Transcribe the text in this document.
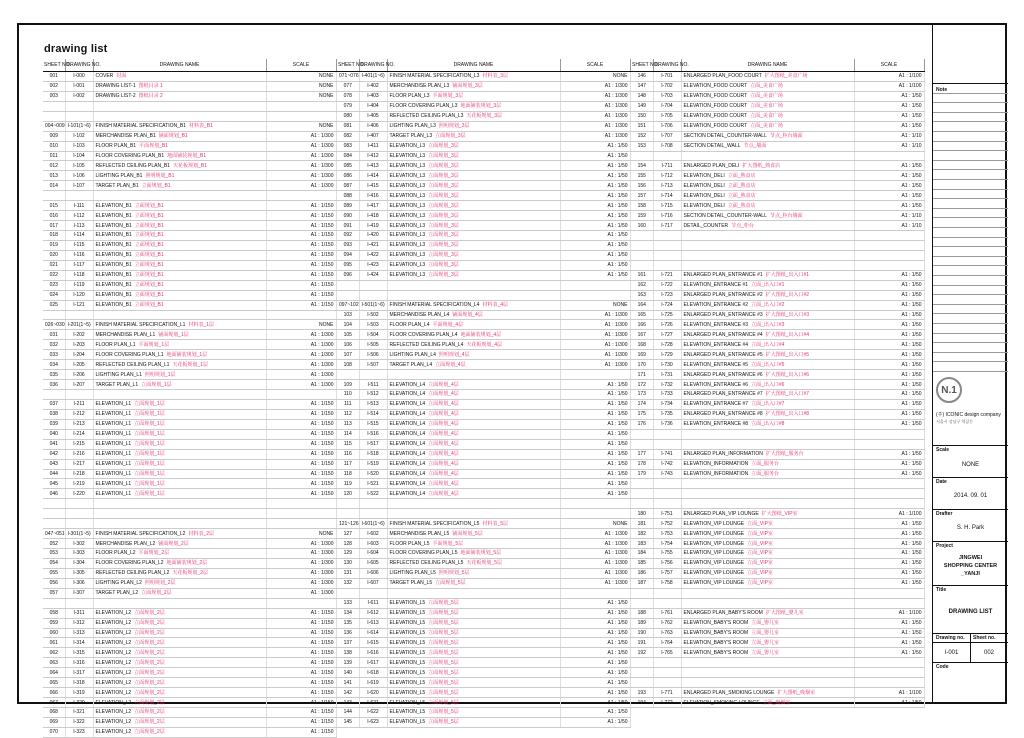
drawing list
SHEET NO.	DRAWING NO.	DRAWING NAME	SCALE
001	I-000	COVER 封面	NONE
002	I-001	DRAWING LIST-1 图纸目录 1	NONE
003	I-002	DRAWING LIST-2 图纸目录 2	NONE

004~009	I-101(1~6)	FINISH MATERIAL SPECIFICATION_B1 材料表_B1	NONE
009	I-102	MERCHANDISE PLAN_B1 铺面规划_B1	A1 : 1/300
010	I-103	FLOOR PLAN_B1 平面规划_B1	A1 : 1/300
011	I-104	FLOOR COVERING PLAN_B1 地面铺装规划_B1	A1 : 1/300
012	I-105	REFLECTED CEILING PLAN_B1 天花板规划_B1	A1 : 1/300
013	I-106	LIGHTING PLAN_B1 照明规划_B1	A1 : 1/300
014	I-107	TARGET PLAN_B1 立面规划_B1	A1 : 1/300

015	I-111	ELEVATION_B1 立面规划_B1	A1 : 1/150
016	I-112	ELEVATION_B1 立面规划_B1	A1 : 1/150
017	I-113	ELEVATION_B1 立面规划_B1	A1 : 1/150
018	I-114	ELEVATION_B1 立面规划_B1	A1 : 1/150
019	I-115	ELEVATION_B1 立面规划_B1	A1 : 1/150
020	I-116	ELEVATION_B1 立面规划_B1	A1 : 1/150
021	I-117	ELEVATION_B1 立面规划_B1	A1 : 1/150
022	I-118	ELEVATION_B1 立面规划_B1	A1 : 1/150
023	I-119	ELEVATION_B1 立面规划_B1	A1 : 1/150
024	I-120	ELEVATION_B1 立面规划_B1	A1 : 1/150
025	I-121	ELEVATION_B1 立面规划_B1	A1 : 1/150

026~030	I-201(1~5)	FINISH MATERIAL SPECIFICATION_L1 材料表_1层	NONE
031	I-202	MERCHANDISE PLAN_L1 铺面规划_1层	A1 : 1/300
032	I-203	FLOOR PLAN_L1 平面规划_1层	A1 : 1/300
033	I-204	FLOOR COVERING PLAN_L1 地面铺装规划_1层	A1 : 1/300
034	I-205	REFLECTED CEILING PLAN_L1 天花板规划_1层	A1 : 1/300
035	I-206	LIGHTING PLAN_L1 照明规划_1层	A1 : 1/300
036	I-207	TARGET PLAN_L1 立面规划_1层	A1 : 1/300

037	I-211	ELEVATION_L1 立面规划_1层	A1 : 1/150
038	I-212	ELEVATION_L1 立面规划_1层	A1 : 1/150
039	I-213	ELEVATION_L1 立面规划_1层	A1 : 1/150
040	I-214	ELEVATION_L1 立面规划_1层	A1 : 1/150
041	I-215	ELEVATION_L1 立面规划_1层	A1 : 1/150
042	I-216	ELEVATION_L1 立面规划_1层	A1 : 1/150
043	I-217	ELEVATION_L1 立面规划_1层	A1 : 1/150
044	I-218	ELEVATION_L1 立面规划_1层	A1 : 1/150
045	I-219	ELEVATION_L1 立面规划_1层	A1 : 1/150
046	I-220	ELEVATION_L1 立面规划_1层	A1 : 1/150

047~051	I-301(1~5)	FINISH MATERIAL SPECIFICATION_L2 材料表_2层	NONE
052	I-302	MERCHANDISE PLAN_L2 铺面规划_2层	A1 : 1/300
053	I-303	FLOOR PLAN_L2 平面规划_2层	A1 : 1/300
054	I-304	FLOOR COVERING PLAN_L2 地面铺装规划_2层	A1 : 1/300
055	I-305	REFLECTED CEILING PLAN_L2 天花板规划_2层	A1 : 1/300
056	I-306	LIGHTING PLAN_L2 照明规划_2层	A1 : 1/300
057	I-307	TARGET PLAN_L2 立面规划_2层	A1 : 1/300

058	I-311	ELEVATION_L2 立面规划_2层	A1 : 1/150
059	I-312	ELEVATION_L2 立面规划_2层	A1 : 1/150
060	I-313	ELEVATION_L2 立面规划_2层	A1 : 1/150
061	I-314	ELEVATION_L2 立面规划_2层	A1 : 1/150
062	I-315	ELEVATION_L2 立面规划_2层	A1 : 1/150
063	I-316	ELEVATION_L2 立面规划_2层	A1 : 1/150
064	I-317	ELEVATION_L2 立面规划_2层	A1 : 1/150
065	I-318	ELEVATION_L2 立面规划_2层	A1 : 1/150
066	I-319	ELEVATION_L2 立面规划_2层	A1 : 1/150
067	I-320	ELEVATION_L2 立面规划_2层	A1 : 1/150
068	I-321	ELEVATION_L2 立面规划_2层	A1 : 1/150
069	I-322	ELEVATION_L2 立面规划_2层	A1 : 1/150
070	I-323	ELEVATION_L2 立面规划_2层	A1 : 1/150
SHEET NO.	DRAWING NO.	DRAWING NAME	SCALE
071~076	I-401(1~6)	FINISH MATERIAL SPECIFICATION_L3 材料表_3层	NONE
077	I-402	MERCHANDISE PLAN_L3 铺面规划_3层	A1 : 1/300
078	I-403	FLOOR PLAN_L3 平面规划_3层	A1 : 1/300
079	I-404	FLOOR COVERING PLAN_L3 地面铺装规划_3层	A1 : 1/300
080	I-405	REFLECTED CEILING PLAN_L3 天花板规划_3层	A1 : 1/300
081	I-406	LIGHTING PLAN_L3 照明规划_3层	A1 : 1/300
082	I-407	TARGET PLAN_L3 立面规划_3层	A1 : 1/300
083	I-411	ELEVATION_L3 立面规划_3层	A1 : 1/50
084	I-412	ELEVATION_L3 立面规划_3层	A1 : 1/50
085	I-413	ELEVATION_L3 立面规划_3层	A1 : 1/50
086	I-414	ELEVATION_L3 立面规划_3层	A1 : 1/50
087	I-415	ELEVATION_L3 立面规划_3层	A1 : 1/50
088	I-416	ELEVATION_L3 立面规划_3层	A1 : 1/50
089	I-417	ELEVATION_L3 立面规划_3层	A1 : 1/50
090	I-418	ELEVATION_L3 立面规划_3层	A1 : 1/50
091	I-419	ELEVATION_L3 立面规划_3层	A1 : 1/50
092	I-420	ELEVATION_L3 立面规划_3层	A1 : 1/50
093	I-421	ELEVATION_L3 立面规划_3层	A1 : 1/50
094	I-422	ELEVATION_L3 立面规划_3层	A1 : 1/50
095	I-423	ELEVATION_L3 立面规划_3层	A1 : 1/50
096	I-424	ELEVATION_L3 立面规划_3层	A1 : 1/50

097~102	I-501(1~6)	FINISH MATERIAL SPECIFICATION_L4 材料表_4层	NONE
103	I-502	MERCHANDISE PLAN_L4 铺面规划_4层	A1 : 1/300
104	I-503	FLOOR PLAN_L4 平面规划_4层	A1 : 1/300
105	I-504	FLOOR COVERING PLAN_L4 地面铺装规划_4层	A1 : 1/300
106	I-505	REFLECTED CEILING PLAN_L4 天花板规划_4层	A1 : 1/300
107	I-506	LIGHTING PLAN_L4 照明规划_4层	A1 : 1/300
108	I-507	TARGET PLAN_L4 立面规划_4层	A1 : 1/300

109	I-511	ELEVATION_L4 立面规划_4层	A1 : 1/50
110	I-512	ELEVATION_L4 立面规划_4层	A1 : 1/50
111	I-513	ELEVATION_L4 立面规划_4层	A1 : 1/50
112	I-514	ELEVATION_L4 立面规划_4层	A1 : 1/50
113	I-515	ELEVATION_L4 立面规划_4层	A1 : 1/50
114	I-516	ELEVATION_L4 立面规划_4层	A1 : 1/50
115	I-517	ELEVATION_L4 立面规划_4层	A1 : 1/50
116	I-518	ELEVATION_L4 立面规划_4层	A1 : 1/50
117	I-519	ELEVATION_L4 立面规划_4层	A1 : 1/50
118	I-520	ELEVATION_L4 立面规划_4层	A1 : 1/50
119	I-521	ELEVATION_L4 立面规划_4层	A1 : 1/50
120	I-522	ELEVATION_L4 立面规划_4层	A1 : 1/50

121~126	I-601(1~6)	FINISH MATERIAL SPECIFICATION_L5 材料表_5层	NONE
127	I-602	MERCHANDISE PLAN_L5 铺面规划_5层	A1 : 1/300
128	I-603	FLOOR PLAN_L5 平面规划_5层	A1 : 1/300
129	I-604	FLOOR COVERING PLAN_L5 地面铺装规划_5层	A1 : 1/300
130	I-605	REFLECTED CEILING PLAN_L5 天花板规划_5层	A1 : 1/300
131	I-606	LIGHTING PLAN_L5 照明规划_5层	A1 : 1/300
132	I-607	TARGET PLAN_L5 立面规划_5层	A1 : 1/300

133	I-611	ELEVATION_L5 立面规划_5层	A1 : 1/50
134	I-612	ELEVATION_L5 立面规划_5层	A1 : 1/50
135	I-613	ELEVATION_L5 立面规划_5层	A1 : 1/50
136	I-614	ELEVATION_L5 立面规划_5层	A1 : 1/50
137	I-615	ELEVATION_L5 立面规划_5层	A1 : 1/50
138	I-616	ELEVATION_L5 立面规划_5层	A1 : 1/50
139	I-617	ELEVATION_L5 立面规划_5层	A1 : 1/50
140	I-618	ELEVATION_L5 立面规划_5层	A1 : 1/50
141	I-619	ELEVATION_L5 立面规划_5层	A1 : 1/50
142	I-620	ELEVATION_L5 立面规划_5层	A1 : 1/50
143	I-621	ELEVATION_L5 立面规划_5层	A1 : 1/50
144	I-622	ELEVATION_L5 立面规划_5层	A1 : 1/50
145	I-623	ELEVATION_L5 立面规划_5层	A1 : 1/50
SHEET NO.	DRAWING NO.	DRAWING NAME	SCALE
146	I-701	ENLARGED PLAN_FOOD COURT 扩大图纸_美食广场	A1 : 1/100
147	I-702	ELEVATION_FOOD COURT 立面_美食广场	A1 : 1/100
148	I-703	ELEVATION_FOOD COURT 立面_美食广场	A1 : 1/50
149	I-704	ELEVATION_FOOD COURT 立面_美食广场	A1 : 1/50
150	I-705	ELEVATION_FOOD COURT 立面_美食广场	A1 : 1/50
151	I-706	ELEVATION_FOOD COURT 立面_美食广场	A1 : 1/50
152	I-707	SECTION DETAIL_COUNTER-WALL 节点_柜台墙面	A1 : 1/10
153	I-708	SECTION DETAIL_WALL 节点_墙面	A1 : 1/10

154	I-711	ENLARGED PLAN_DELI 扩大图纸_熟食店	A1 : 1/50
155	I-712	ELEVATION_DELI 立面_熟食店	A1 : 1/50
156	I-713	ELEVATION_DELI 立面_熟食店	A1 : 1/50
157	I-714	ELEVATION_DELI 立面_熟食店	A1 : 1/50
158	I-715	ELEVATION_DELI 立面_熟食店	A1 : 1/50
159	I-716	SECTION DETAIL_COUNTER-WALL 节点_柜台墙面	A1 : 1/10
160	I-717	DETAIL_COUNTER 节点_柜台	A1 : 1/10

161	I-721	ENLARGED PLAN_ENTRANCE #1 扩大图纸_出入口#1	A1 : 1/50
162	I-722	ELEVATION_ENTRANCE #1 立面_出入口#1	A1 : 1/50
163	I-723	ENLARGED PLAN_ENTRANCE #2 扩大图纸_出入口#2	A1 : 1/50
164	I-724	ELEVATION_ENTRANCE #2 立面_出入口#2	A1 : 1/50
165	I-725	ENLARGED PLAN_ENTRANCE #3 扩大图纸_出入口#3	A1 : 1/50
166	I-726	ELEVATION_ENTRANCE #3 立面_出入口#3	A1 : 1/50
167	I-727	ENLARGED PLAN_ENTRANCE #4 扩大图纸_出入口#4	A1 : 1/50
168	I-728	ELEVATION_ENTRANCE #4 立面_出入口#4	A1 : 1/50
169	I-729	ENLARGED PLAN_ENTRANCE #5 扩大图纸_出入口#5	A1 : 1/50
170	I-730	ELEVATION_ENTRANCE #5 立面_出入口#5	A1 : 1/50
171	I-731	ENLARGED PLAN_ENTRANCE #6 扩大图纸_出入口#6	A1 : 1/50
172	I-732	ELEVATION_ENTRANCE #6 立面_出入口#6	A1 : 1/50
173	I-733	ENLARGED PLAN_ENTRANCE #7 扩大图纸_出入口#7	A1 : 1/50
174	I-734	ELEVATION_ENTRANCE #7 立面_出入口#7	A1 : 1/50
175	I-735	ENLARGED PLAN_ENTRANCE #8 扩大图纸_出入口#8	A1 : 1/50
176	I-736	ELEVATION_ENTRANCE #8 立面_出入口#8	A1 : 1/50

177	I-741	ENLARGED PLAN_INFORMATION 扩大图纸_服务台	A1 : 1/50
178	I-742	ELEVATION_INFORMATION 立面_服务台	A1 : 1/50
179	I-743	ELEVATION_INFORMATION 立面_服务台	A1 : 1/50

180	I-751	ENLARGED PLAN_VIP LOUNGE 扩大图纸_VIP室	A1 : 1/100
181	I-752	ELEVATION_VIP LOUNGE 立面_VIP室	A1 : 1/50
182	I-753	ELEVATION_VIP LOUNGE 立面_VIP室	A1 : 1/50
183	I-754	ELEVATION_VIP LOUNGE 立面_VIP室	A1 : 1/50
184	I-755	ELEVATION_VIP LOUNGE 立面_VIP室	A1 : 1/50
185	I-756	ELEVATION_VIP LOUNGE 立面_VIP室	A1 : 1/50
186	I-757	ELEVATION_VIP LOUNGE 立面_VIP室	A1 : 1/50
187	I-758	ELEVATION_VIP LOUNGE 立面_VIP室	A1 : 1/50

188	I-761	ENLARGED PLAN_BABY'S ROOM 扩大图纸_婴儿室	A1 : 1/100
189	I-762	ELEVATION_BABY'S ROOM 立面_婴儿室	A1 : 1/50
190	I-763	ELEVATION_BABY'S ROOM 立面_婴儿室	A1 : 1/50
191	I-764	ELEVATION_BABY'S ROOM 立面_婴儿室	A1 : 1/50
192	I-765	ELEVATION_BABY'S ROOM 立面_婴儿室	A1 : 1/50

193	I-771	ENLARGED PLAN_SMOKING LOUNGE 扩大图纸_吸烟室	A1 : 1/100
194	I-772	ELEVATION_SMOKING LOUNGE 立面_吸烟室	A1 : 1/50
Note
N.1
(주) ICONIC design company
서울시 강남구 역삼동
Scale
NONE
Date
2014. 09. 01
Drafter
S. H. Park
Project
JINGWEI
SHOPPING CENTER
_YANJI
Title
DRAWING LIST
Drawing no. Sheet no.
I-001	002
Code
